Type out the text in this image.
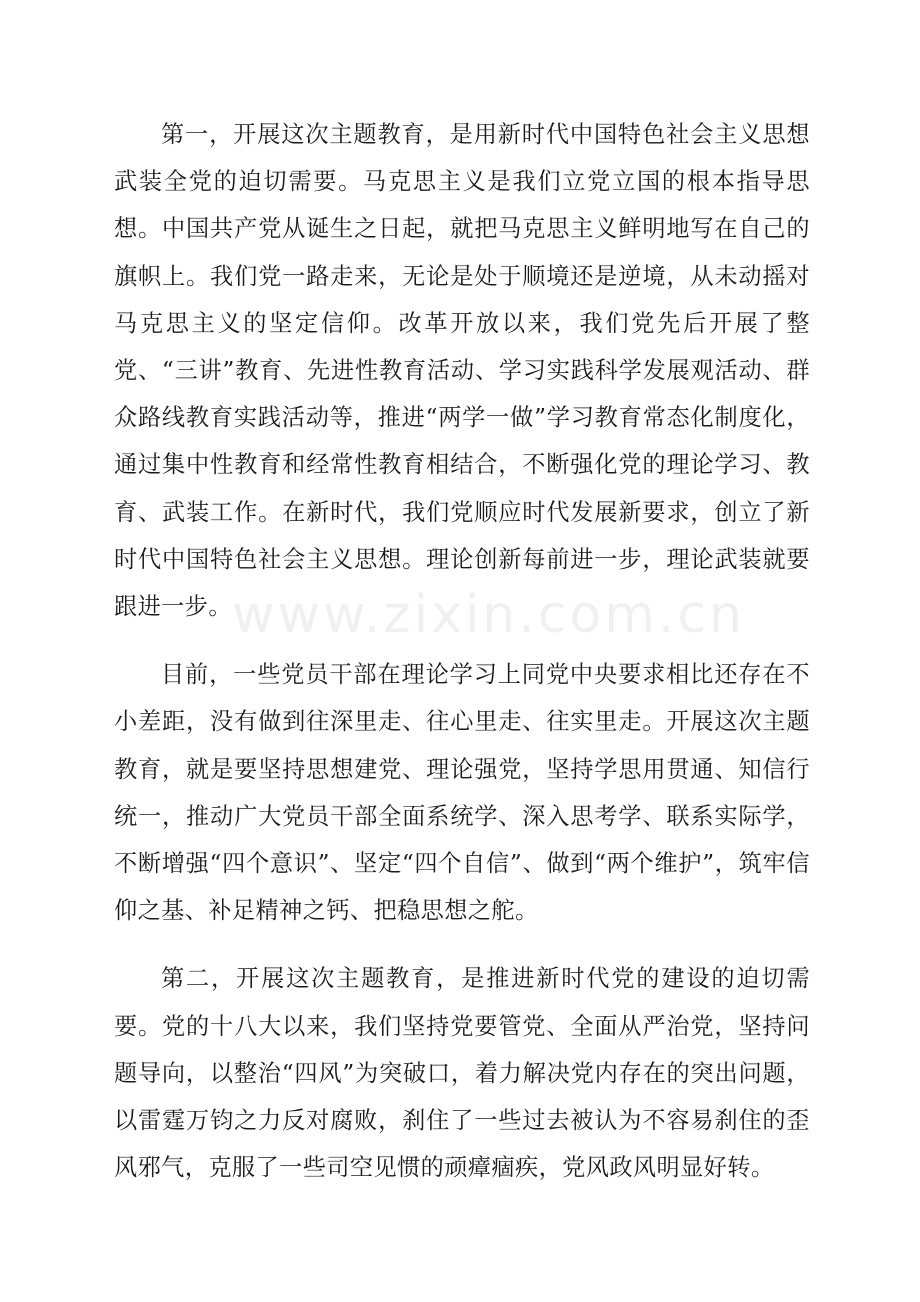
第一，开展这次主题教育，是用新时代中国特色社会主义思想武装全党的迫切需要。马克思主义是我们立党立国的根本指导思想。中国共产党从诞生之日起，就把马克思主义鲜明地写在自己的旗帜上。我们党一路走来，无论是处于顺境还是逆境，从未动摇对马克思主义的坚定信仰。改革开放以来，我们党先后开展了整党、“三讲”教育、先进性教育活动、学习实践科学发展观活动、群众路线教育实践活动等，推进“两学一做”学习教育常态化制度化，通过集中性教育和经常性教育相结合，不断强化党的理论学习、教育、武装工作。在新时代，我们党顺应时代发展新要求，创立了新时代中国特色社会主义思想。理论创新每前进一步，理论武装就要跟进一步。

目前，一些党员干部在理论学习上同党中央要求相比还存在不小差距，没有做到往深里走、往心里走、往实里走。开展这次主题教育，就是要坚持思想建党、理论强党，坚持学思用贯通、知信行统一，推动广大党员干部全面系统学、深入思考学、联系实际学，不断增强“四个意识”、坚定“四个自信”、做到“两个维护”，筑牢信仰之基、补足精神之钙、把稳思想之舵。

第二，开展这次主题教育，是推进新时代党的建设的迫切需要。党的十八大以来，我们坚持党要管党、全面从严治党，坚持问题导向，以整治“四风”为突破口，着力解决党内存在的突出问题，以雷霆万钧之力反对腐败，刹住了一些过去被认为不容易刹住的歪风邪气，克服了一些司空见惯的顽瘴痼疾，党风政风明显好转。

www.zixin.com.cn
